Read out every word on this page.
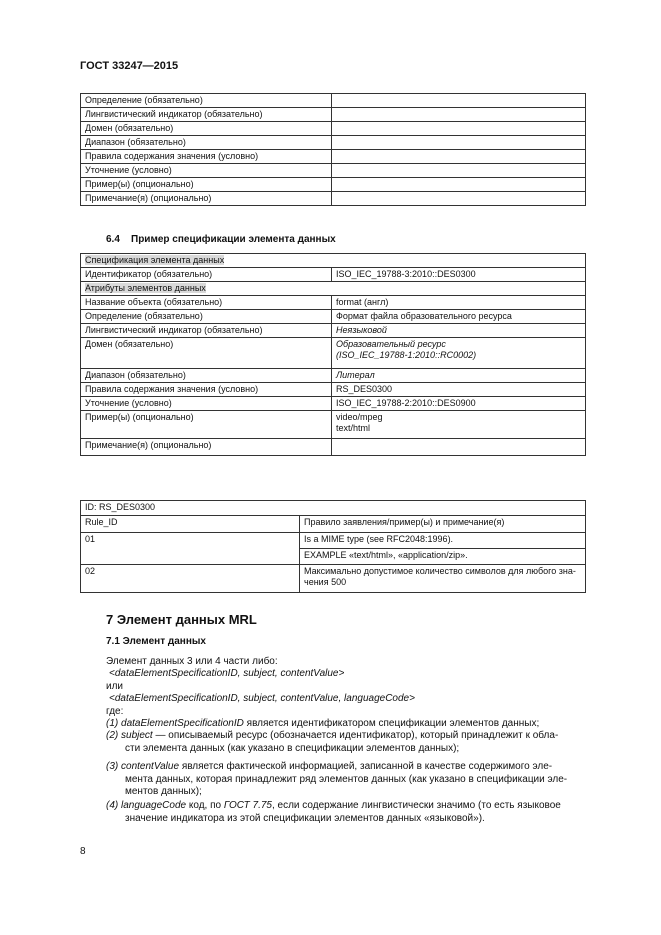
ГОСТ 33247—2015
Определение (обязательно)	
Лингвистический индикатор (обязательно)	
Домен (обязательно)	
Диапазон (обязательно)	
Правила содержания значения (условно)	
Уточнение (условно)	
Пример(ы) (опционально)	
Примечание(я) (опционально)	
6.4    Пример спецификации элемента данных
Спецификация элемента данных	
Идентификатор (обязательно)	ISO_IEC_19788-3:2010::DES0300
Атрибуты элементов данных	
Название объекта (обязательно)	format (англ)
Определение (обязательно)	Формат файла образовательного ресурса
Лингвистический индикатор (обязательно)	Неязыковой
Домен (обязательно)	Образовательный ресурс
(ISO_IEC_19788-1:2010::RC0002)

Диапазон (обязательно)	Литерал
Правила содержания значения (условно)	RS_DES0300
Уточнение (условно)	ISO_IEC_19788-2:2010::DES0900
Пример(ы) (опционально)	video/mpeg
text/html

Примечание(я) (опционально)	
ID: RS_DES0300	
Rule_ID	Правило заявления/пример(ы) и примечание(я)
01	Is a MIME type (see RFC2048:1996).
	EXAMPLE «text/html», «application/zip».
02	Максимально допустимое количество символов для любого зна-
чения 500
7 Элемент данных MRL
7.1 Элемент данных
Элемент данных 3 или 4 части либо:
<dataElementSpecificationID, subject, contentValue>
или
<dataElementSpecificationID, subject, contentValue, languageCode>
где:
(1) dataElementSpecificationID является идентификатором спецификации элементов данных;
(2) subject — описываемый ресурс (обозначается идентификатор), который принадлежит к обла-
сти элемента данных (как указано в спецификации элементов данных);
(3) contentValue является фактической информацией, записанной в качестве содержимого эле-
мента данных, которая принадлежит ряд элементов данных (как указано в спецификации эле-
ментов данных);
(4) languageCode код, по ГОСТ 7.75, если содержание лингвистически значимо (то есть языковое
значение индикатора из этой спецификации элементов данных «языковой»).
8
